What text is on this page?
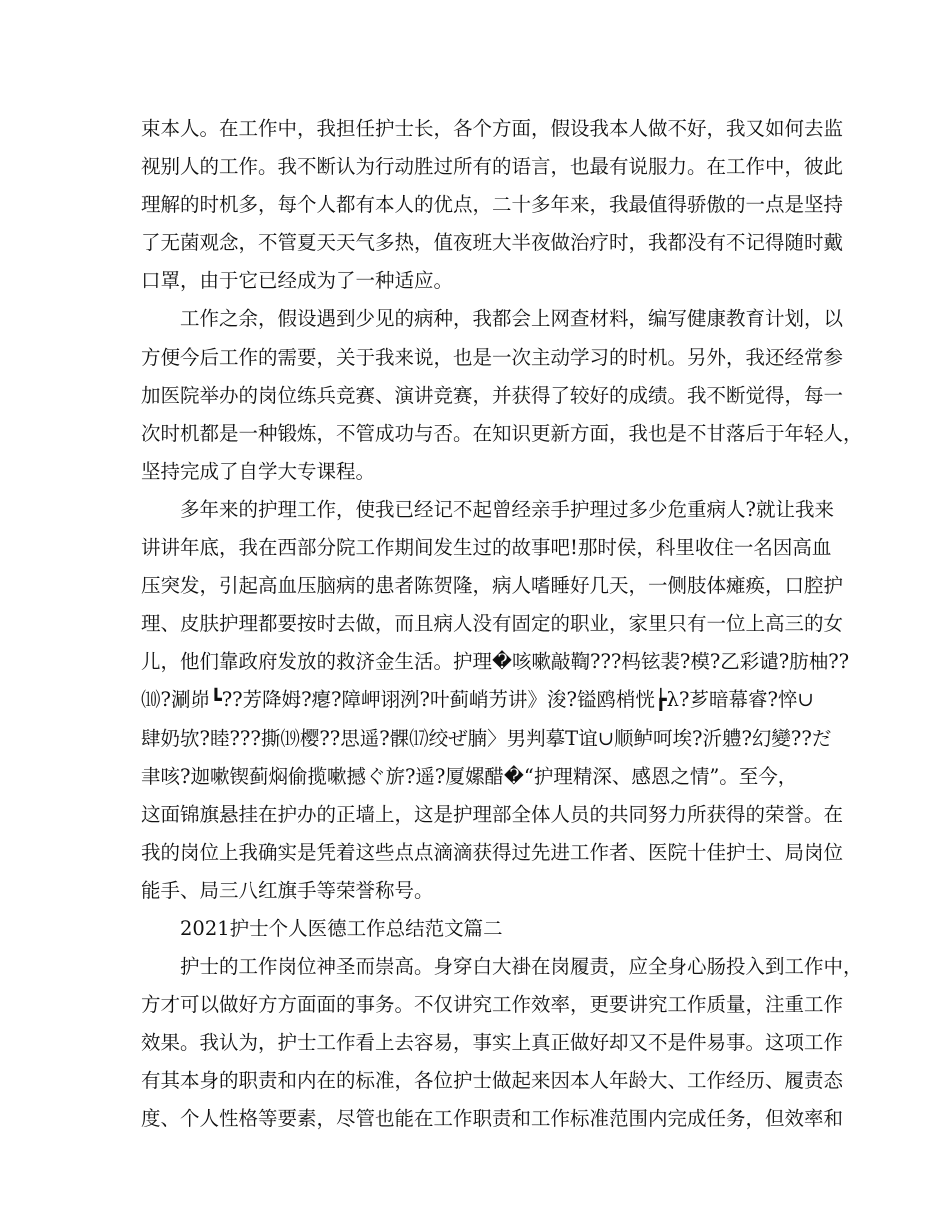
束本人。在工作中，我担任护士长，各个方面，假设我本人做不好，我又如何去监

视别人的工作。我不断认为行动胜过所有的语言，也最有说服力。在工作中，彼此

理解的时机多，每个人都有本人的优点，二十多年来，我最值得骄傲的一点是坚持

了无菌观念，不管夏天天气多热，值夜班大半夜做治疗时，我都没有不记得随时戴

口罩，由于它已经成为了一种适应。

　　工作之余，假设遇到少见的病种，我都会上网查材料，编写健康教育计划，以

方便今后工作的需要，关于我来说，也是一次主动学习的时机。另外，我还经常参

加医院举办的岗位练兵竞赛、演讲竞赛，并获得了较好的成绩。我不断觉得，每一

次时机都是一种锻炼，不管成功与否。在知识更新方面，我也是不甘落后于年轻人，

坚持完成了自学大专课程。

　　多年来的护理工作，使我已经记不起曾经亲手护理过多少危重病人?就让我来

讲讲年底，我在西部分院工作期间发生过的故事吧!那时侯，科里收住一名因高血

压突发，引起高血压脑病的患者陈贺隆，病人嗜睡好几天，一侧肢体瘫痪，口腔护

理、皮肤护理都要按时去做，而且病人没有固定的职业，家里只有一位上高三的女

儿，他们靠政府发放的救济金生活。护理�咳嗽敲鞫???杩铉裴?模?乙彩谴?肪柚??

⑽?涮峁┗??芳降姆?瘪?障岬诩洌?叶蓟峭艻讲》浚?镒鸥梢恍┢λ?芗暗幕睿?悴∪

肆奶欤?睦???撕⒆樱??思遥?髁⒄绞ぜ腩〉男判摹Τ谊∪顺鲈呵埃?沂軆?幻變??だ

聿咳?迦嗽锲蓟焖偷揽嗽撼ぐ旂?遥?厦嫘醋�“护理精深、感恩之情”。至今，

这面锦旗悬挂在护办的正墙上，这是护理部全体人员的共同努力所获得的荣誉。在

我的岗位上我确实是凭着这些点点滴滴获得过先进工作者、医院十佳护士、局岗位

能手、局三八红旗手等荣誉称号。

2021护士个人医德工作总结范文篇二

　　护士的工作岗位神圣而崇高。身穿白大褂在岗履责，应全身心肠投入到工作中，

方才可以做好方方面面的事务。不仅讲究工作效率，更要讲究工作质量，注重工作

效果。我认为，护士工作看上去容易，事实上真正做好却又不是件易事。这项工作

有其本身的职责和内在的标准，各位护士做起来因本人年龄大、工作经历、履责态

度、个人性格等要素，尽管也能在工作职责和工作标准范围内完成任务，但效率和
